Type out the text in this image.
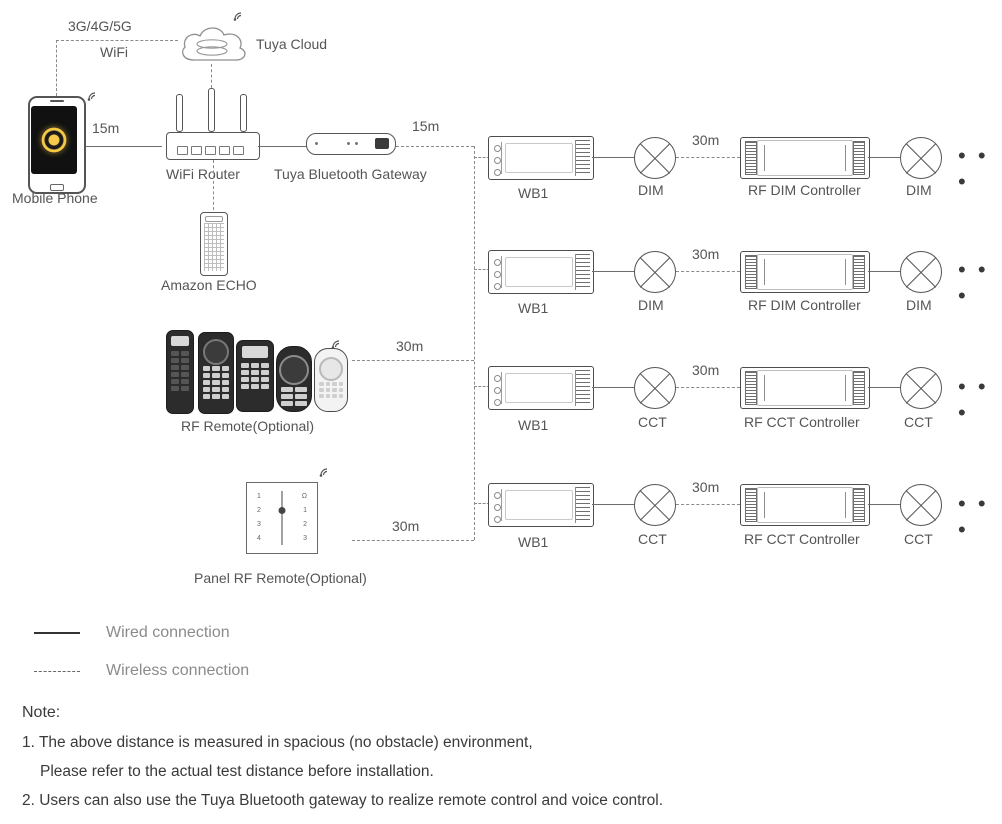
Mobile Phone
15m
3G/4G/5G
WiFi	Tuya Cloud
WiFi Router Tuya Bluetooth Gateway
Amazon ECHO
RF Remote(Optional)
1
2
3
4
Ω
1
2
3
Panel RF Remote(Optional)
15m
30m
30m
WB1	DIM
30m
RF DIM Controller	DIM
• • •
WB1	DIM
30m
RF DIM Controller	DIM
• • •
WB1	CCT
30m
RF CCT Controller	CCT
• • •
WB1	CCT
30m
RF CCT Controller	CCT
• • •
Wired connection
Wireless connection
Note:
1. The above distance is measured in spacious (no obstacle) environment,
Please refer to the actual test distance before installation.
2. Users can also use the Tuya Bluetooth gateway to realize remote control and voice control.
